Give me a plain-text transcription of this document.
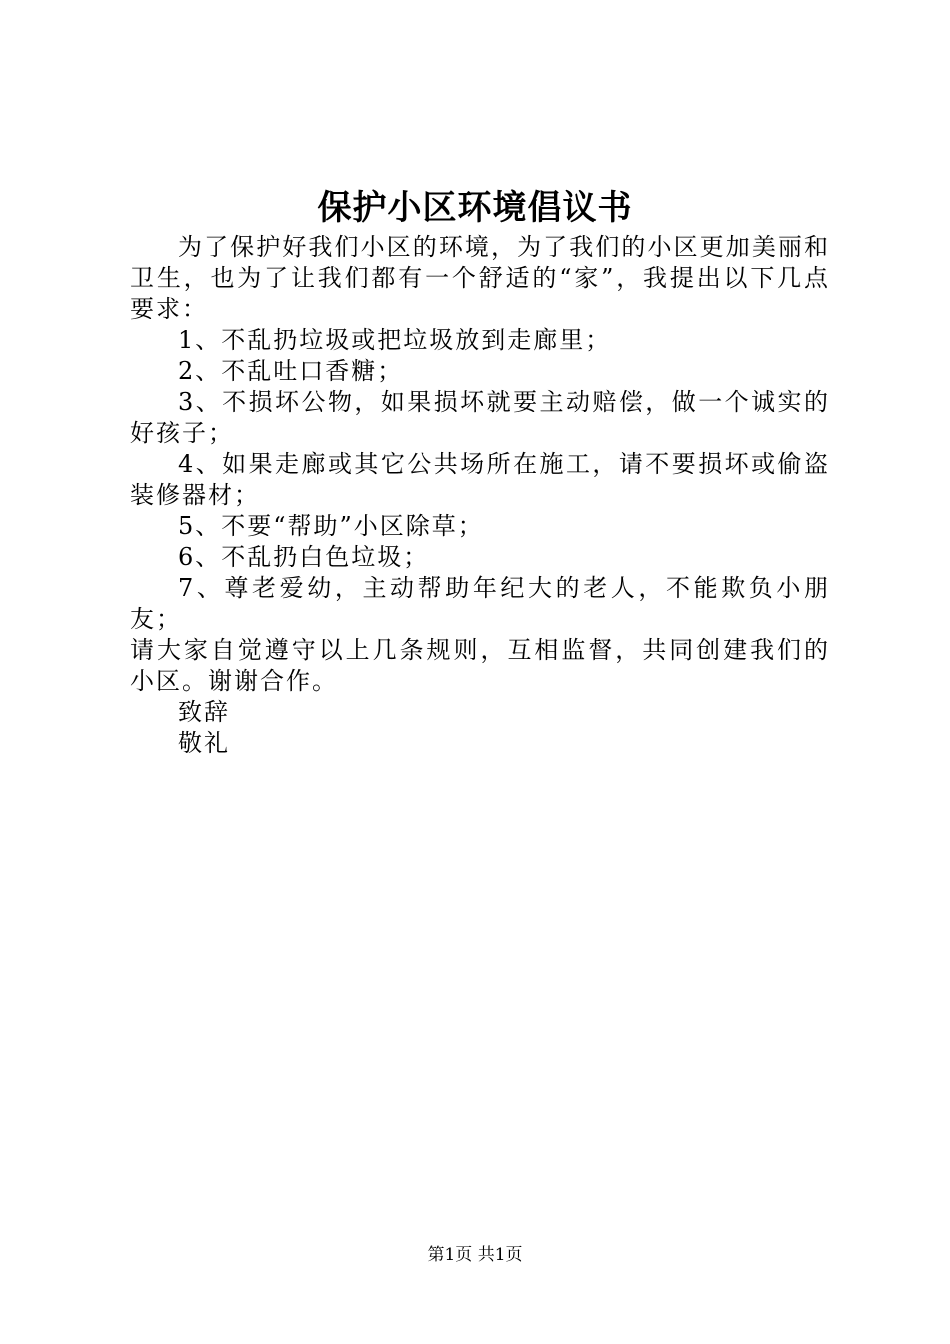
保护小区环境倡议书

为了保护好我们小区的环境，为了我们的小区更加美丽和卫生，也为了让我们都有一个舒适的“家”，我提出以下几点要求：

1、不乱扔垃圾或把垃圾放到走廊里；

2、不乱吐口香糖；

3、不损坏公物，如果损坏就要主动赔偿，做一个诚实的好孩子；

4、如果走廊或其它公共场所在施工，请不要损坏或偷盗装修器材；

5、不要“帮助”小区除草；

6、不乱扔白色垃圾；

7、尊老爱幼，主动帮助年纪大的老人，不能欺负小朋友；

请大家自觉遵守以上几条规则，互相监督，共同创建我们的小区。谢谢合作。

致辞

敬礼

第1页 共1页
